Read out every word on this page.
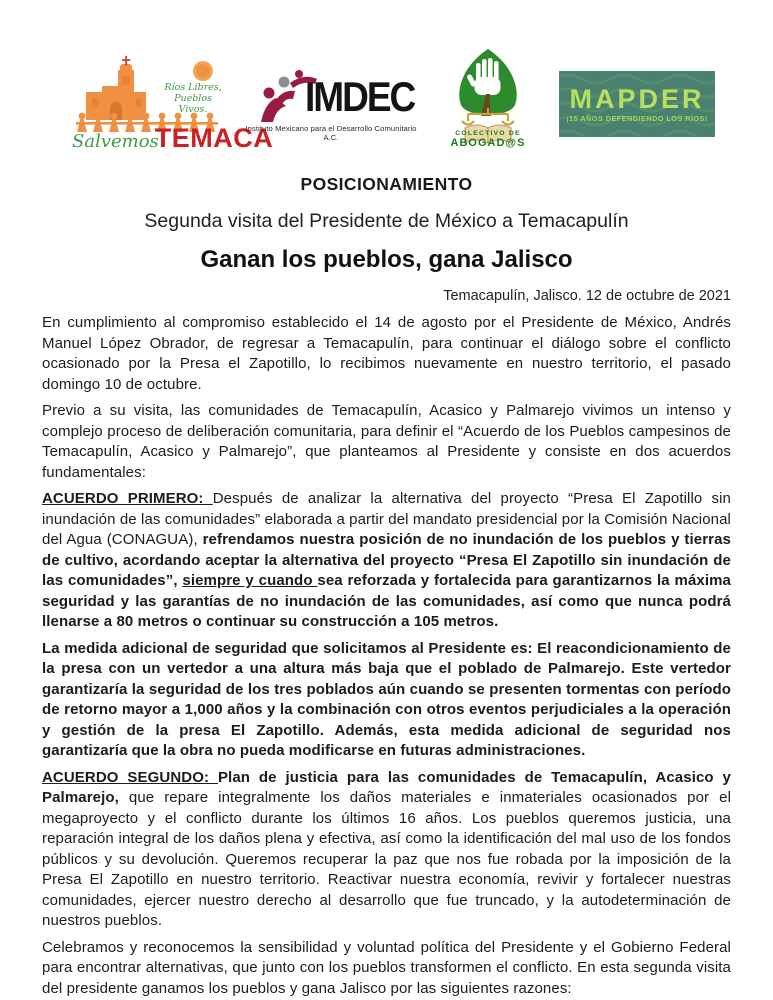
Ríos Libres,
Pueblos Vivos.
SalvemosTEMACA
IMDEC
Instituto Mexicano para el Desarrollo Comunitario A.C.	COLECTIVO DE
ABOGAD@S
MAPDER
¡15 AÑOS DEFENDIENDO LOS RÍOS!
POSICIONAMIENTO
Segunda visita del Presidente de México a Temacapulín
Ganan los pueblos, gana Jalisco
Temacapulín, Jalisco. 12 de octubre de 2021

En cumplimiento al compromiso establecido el 14 de agosto por el Presidente de México, Andrés Manuel López Obrador, de regresar a Temacapulín, para continuar el diálogo sobre el conflicto ocasionado por la Presa el Zapotillo, lo recibimos nuevamente en nuestro territorio, el pasado domingo 10 de octubre.

Previo a su visita, las comunidades de Temacapulín, Acasico y Palmarejo vivimos un intenso y complejo proceso de deliberación comunitaria, para definir el “Acuerdo de los Pueblos campesinos de Temacapulín, Acasico y Palmarejo”, que planteamos al Presidente y consiste en dos acuerdos fundamentales:

ACUERDO PRIMERO: Después de analizar la alternativa del proyecto “Presa El Zapotillo sin inundación de las comunidades” elaborada a partir del mandato presidencial por la Comisión Nacional del Agua (CONAGUA), refrendamos nuestra posición de no inundación de los pueblos y tierras de cultivo, acordando aceptar la alternativa del proyecto “Presa El Zapotillo sin inundación de las comunidades”, siempre y cuando sea reforzada y fortalecida para garantizarnos la máxima seguridad y las garantías de no inundación de las comunidades, así como que nunca podrá llenarse a 80 metros o continuar su construcción a 105 metros.

La medida adicional de seguridad que solicitamos al Presidente es: El reacondicionamiento de la presa con un vertedor a una altura más baja que el poblado de Palmarejo. Este vertedor garantizaría la seguridad de los tres poblados aún cuando se presenten tormentas con período de retorno mayor a 1,000 años y la combinación con otros eventos perjudiciales a la operación y gestión de la presa El Zapotillo. Además, esta medida adicional de seguridad nos garantizaría que la obra no pueda modificarse en futuras administraciones.

ACUERDO SEGUNDO: Plan de justicia para las comunidades de Temacapulín, Acasico y Palmarejo, que repare integralmente los daños materiales e inmateriales ocasionados por el megaproyecto y el conflicto durante los últimos 16 años. Los pueblos queremos justicia, una reparación integral de los daños plena y efectiva, así como la identificación del mal uso de los fondos públicos y su devolución. Queremos recuperar la paz que nos fue robada por la imposición de la Presa El Zapotillo en nuestro territorio. Reactivar nuestra economía, revivir y fortalecer nuestras comunidades, ejercer nuestro derecho al desarrollo que fue truncado, y la autodeterminación de nuestros pueblos.

Celebramos y reconocemos la sensibilidad y voluntad política del Presidente y el Gobierno Federal para encontrar alternativas, que junto con los pueblos transformen el conflicto. En esta segunda visita del presidente ganamos los pueblos y gana Jalisco por las siguientes razones:
